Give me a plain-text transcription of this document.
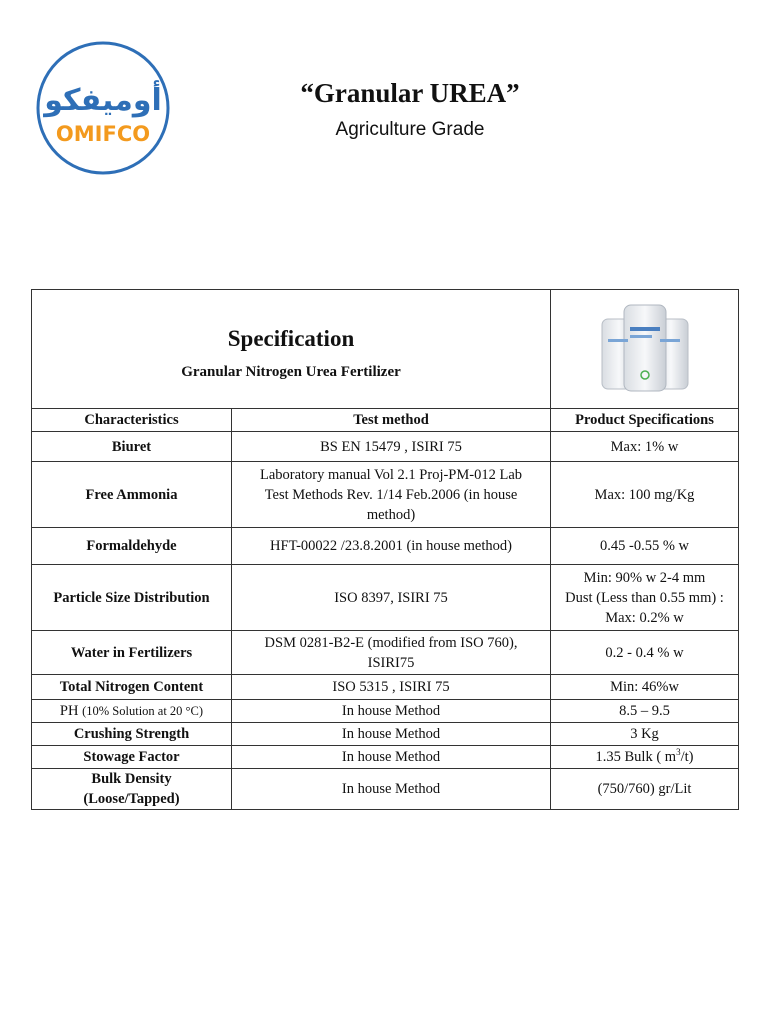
أوميفكو
OMIFCO
“Granular UREA”
Agriculture Grade
Specification
Granular Nitrogen Urea Fertilizer

Characteristics	Test method	Product Specifications
Biuret	BS EN 15479 , ISIRI 75	Max: 1% w
Free Ammonia	Laboratory manual Vol 2.1 Proj-PM-012 Lab
Test Methods Rev. 1/14 Feb.2006 (in house
method)	Max: 100 mg/Kg
Formaldehyde	HFT-00022 /23.8.2001 (in house method)	0.45 -0.55 % w
Particle Size Distribution	ISO 8397, ISIRI 75	Min: 90% w 2-4 mm
Dust (Less than 0.55 mm) :
Max: 0.2% w

Water in Fertilizers	DSM 0281-B2-E (modified from ISO 760),
ISIRI75	0.2 - 0.4 % w
Total Nitrogen Content	ISO 5315 , ISIRI 75	Min: 46%w
PH (10% Solution at 20 °C)	In house Method	8.5 – 9.5
Crushing Strength	In house Method	3 Kg
Stowage Factor	In house Method	1.35 Bulk ( $m^3/t$)

Bulk Density
(Loose/Tapped)	In house Method	(750/760) gr/Lit
